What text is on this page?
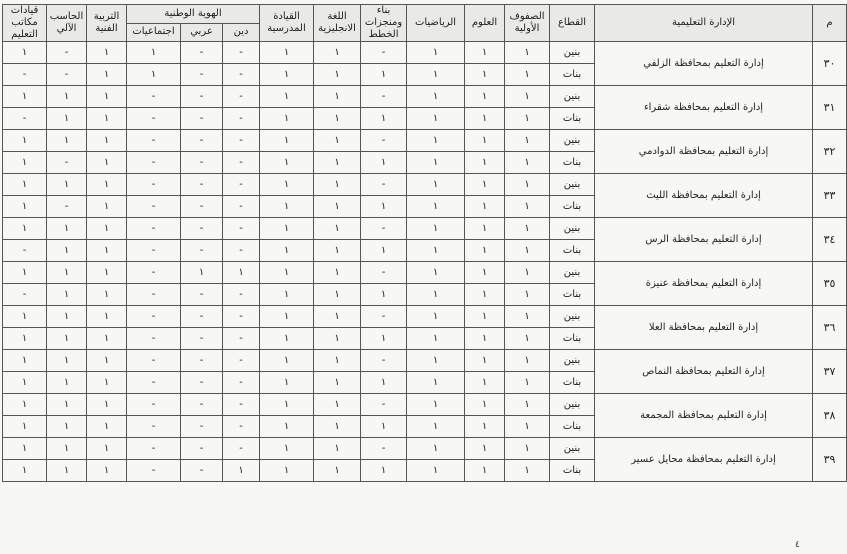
م	الإدارة التعليمية	القطاع	الصفوف الأولية	العلوم	الرياضيات	بناء ومنجزات الخطط	اللغة الانجليزية	القيادة المدرسية	الهوية الوطنية			التربية الفنية	الحاسب الآلي	قيادات مكاتب التعليم
									دين	عربي	اجتماعيات			
٣٠	إدارة التعليم بمحافظة الزلفي	بنين	١	١	١	-	١	١	-	-	١	١	-	١
		بنات	١	١	١	١	١	١	-	-	١	١	-	-
٣١	إدارة التعليم بمحافظة شقراء	بنين	١	١	١	-	١	١	-	-	-	١	١	١
		بنات	١	١	١	١	١	١	-	-	-	١	١	-
٣٢	إدارة التعليم بمحافظة الدوادمي	بنين	١	١	١	-	١	١	-	-	-	١	١	١
		بنات	١	١	١	١	١	١	-	-	-	١	-	١
٣٣	إدارة التعليم بمحافظة الليث	بنين	١	١	١	-	١	١	-	-	-	١	١	١
		بنات	١	١	١	١	١	١	-	-	-	١	-	١
٣٤	إدارة التعليم بمحافظة الرس	بنين	١	١	١	-	١	١	-	-	-	١	١	١
		بنات	١	١	١	١	١	١	-	-	-	١	١	-
٣٥	إدارة التعليم بمحافظة عنيزة	بنين	١	١	١	-	١	١	١	١	-	١	١	١
		بنات	١	١	١	١	١	١	-	-	-	١	١	-
٣٦	إدارة التعليم بمحافظة العلا	بنين	١	١	١	-	١	١	-	-	-	١	١	١
		بنات	١	١	١	١	١	١	-	-	-	١	١	١
٣٧	إدارة التعليم بمحافظة النماص	بنين	١	١	١	-	١	١	-	-	-	١	١	١
		بنات	١	١	١	١	١	١	-	-	-	١	١	١
٣٨	إدارة التعليم بمحافظة المجمعة	بنين	١	١	١	-	١	١	-	-	-	١	١	١
		بنات	١	١	١	١	١	١	-	-	-	١	١	١
٣٩	إدارة التعليم بمحافظة محايل عسير	بنين	١	١	١	-	١	١	-	-	-	١	١	١
		بنات	١	١	١	١	١	١	١	-	-	١	١	١
٤
